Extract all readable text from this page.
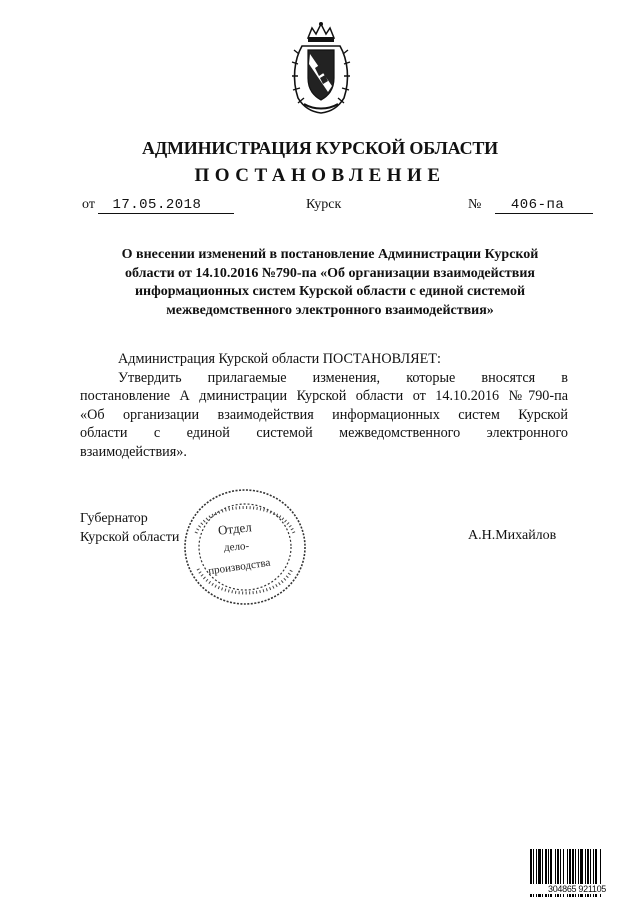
АДМИНИСТРАЦИЯ КУРСКОЙ ОБЛАСТИ
ПОСТАНОВЛЕНИЕ
от 17.05.2018	Курск	№ 406-па
О внесении изменений в постановление Администрации Курской
области от 14.10.2016 №790-па «Об организации взаимодействия
информационных систем Курской области с единой системой
межведомственного электронного взаимодействия»
Администрация Курской области ПОСТАНОВЛЯЕТ:
Утвердить прилагаемые изменения, которые вносятся в
постановление А дминистрации Курской области от 14.10.2016 №790-па
«Об организации взаимодействия информационных систем Курской
области с единой системой межведомственного электронного
взаимодействия».
Губернатор
Курской области	А.Н.Михайлов
Отдел
дело-
производства
304865 921105
